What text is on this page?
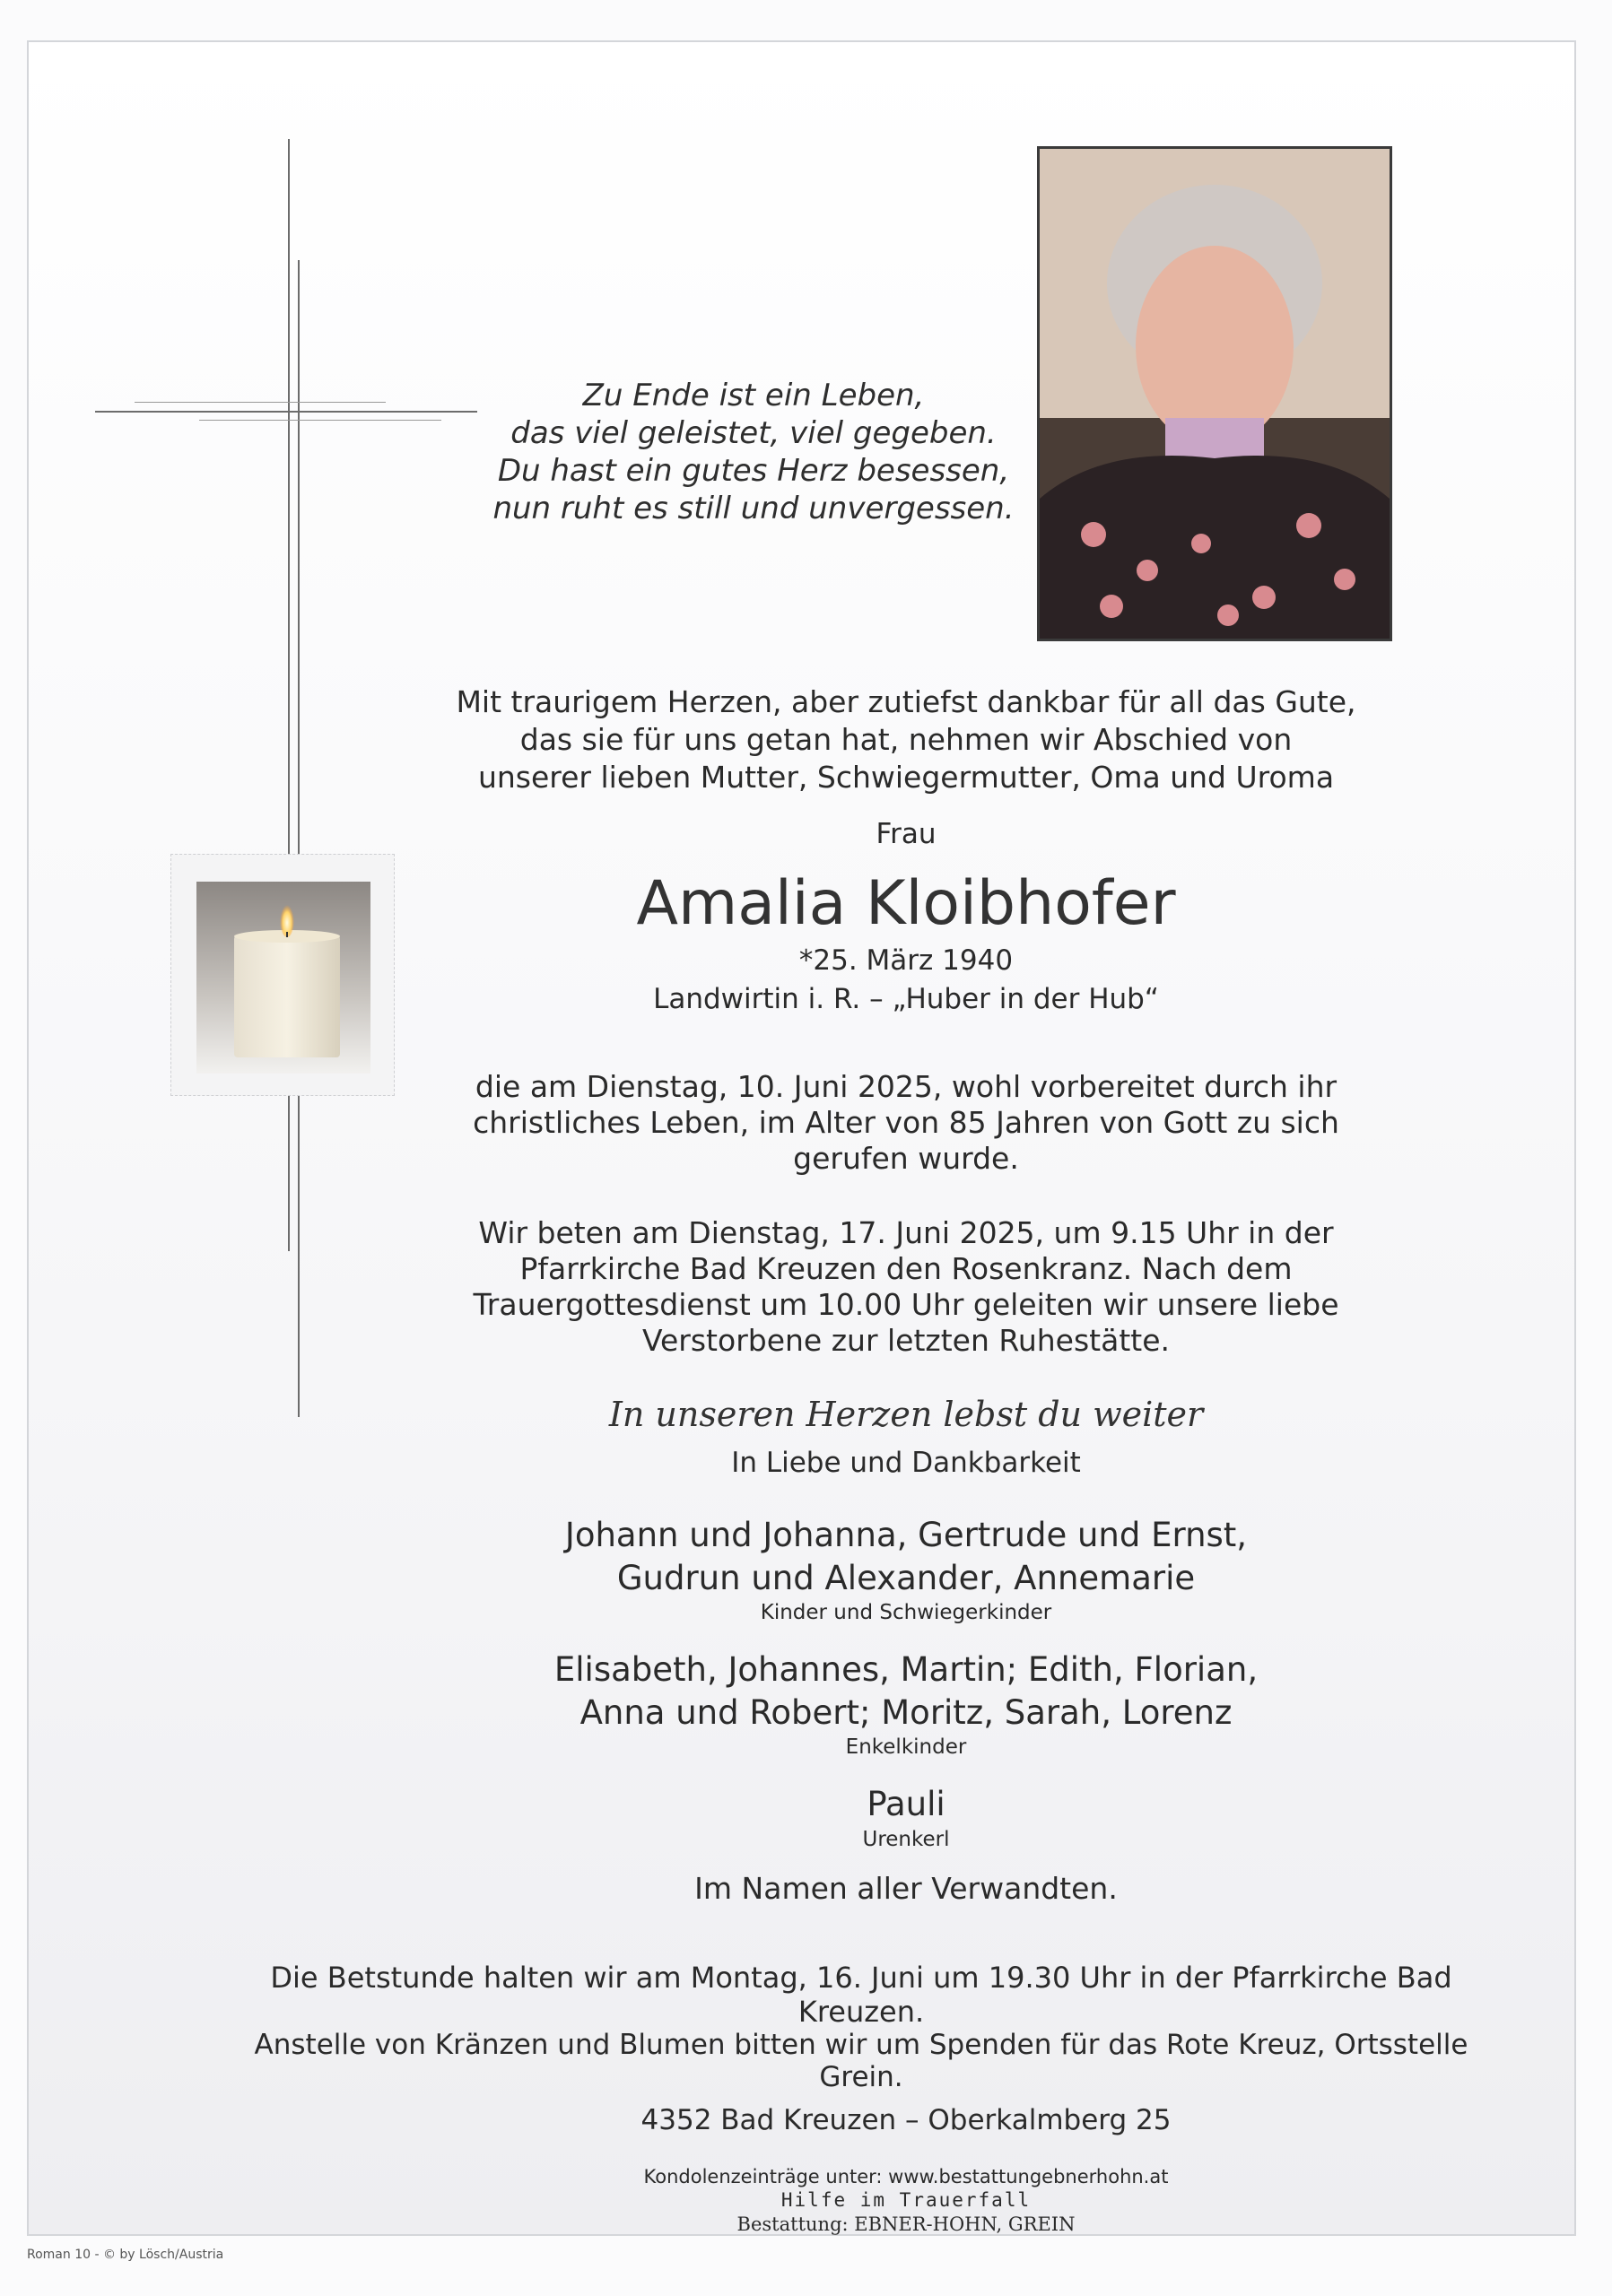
Zu Ende ist ein Leben,
das viel geleistet, viel gegeben.
Du hast ein gutes Herz besessen,
nun ruht es still und unvergessen.
Mit traurigem Herzen, aber zutiefst dankbar für all das Gute,
das sie für uns getan hat, nehmen wir Abschied von
unserer lieben Mutter, Schwiegermutter, Oma und Uroma
Frau
Amalia Kloibhofer
*25. März 1940
Landwirtin i. R. – „Huber in der Hub“
die am Dienstag, 10. Juni 2025, wohl vorbereitet durch ihr
christliches Leben, im Alter von 85 Jahren von Gott zu sich
gerufen wurde.
Wir beten am Dienstag, 17. Juni 2025, um 9.15 Uhr in der
Pfarrkirche Bad Kreuzen den Rosenkranz. Nach dem
Trauergottesdienst um 10.00 Uhr geleiten wir unsere liebe
Verstorbene zur letzten Ruhestätte.
In unseren Herzen lebst du weiter
In Liebe und Dankbarkeit
Johann und Johanna, Gertrude und Ernst,
Gudrun und Alexander, Annemarie
Kinder und Schwiegerkinder
Elisabeth, Johannes, Martin; Edith, Florian,
Anna und Robert; Moritz, Sarah, Lorenz
Enkelkinder
Pauli
Urenkerl
Im Namen aller Verwandten.
Die Betstunde halten wir am Montag, 16. Juni um 19.30 Uhr in der Pfarrkirche Bad Kreuzen.
Anstelle von Kränzen und Blumen bitten wir um Spenden für das Rote Kreuz, Ortsstelle Grein.
4352 Bad Kreuzen – Oberkalmberg 25
Kondolenzeinträge unter: www.bestattungebnerhohn.at
Hilfe im Trauerfall
Bestattung: EBNER-HOHN, GREIN
Roman 10 - © by Lösch/Austria
